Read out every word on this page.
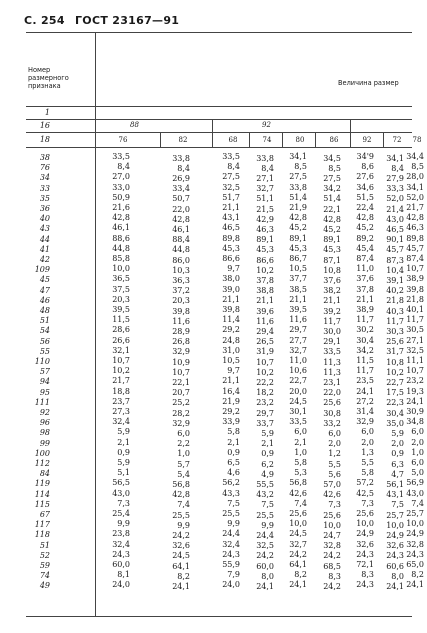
С. 254 ГОСТ 23167—91
Номер
размерного
признака	Величина размер
1
16
18
88	92
76	82	68	74	80	86	92	72	78
38	33,5	33,8	33,5	33,8	34,1	34,5	34'9	34,1 34,4
76	8,4	8,4	8,4	8,4	8,5	8,5	8,6	8,4 8,5
34	27,0	26,9	27,5	27,1	27,5	27,5	27,6	27,9 28,0
33	33,0	33,4	32,5	32,7	33,8	34,2	34,6	33,3 34,1
35	50,9	50,7	51,7	51,1	51,4	51,4	51,5	52,0 52,0
36	21,6	22,0	21,1	21,5	21,9	22,1	22,4	21,4 21,7
40	42,8	42,8	43,1	42,9	42,8	42,8	42,8	43,0 42,8
43	46,1	46,1	46,5	46,3	45,2	45,2	45,2	46,5 46,3
44	88,6	88,4	89,8	89,1	89,1	89,1	89,2	90,1 89,8
41	44,8	44,8	45,3	45,3	45,3	45,3	45,4	45,7 45,7
42	85,8	86,0	86,6	86,6	86,7	87,1	87,4	87,3 87,4
109	10,0	10,3	9,7	10,2	10,5	10,8	11,0	10,4 10,7
45	36,5	36,3	38,0	37,8	37,7	37,6	37,6	39,1 38,9
47	37,5	37,2	39,0	38,8	38,5	38,2	37,8	40,2 39,8
46	20,3	20,3	21,1	21,1	21,1	21,1	21,1	21,8 21,8
48	39,5	39,8	39,8	39,6	39,5	39,2	38,9	40,3 40,1
51	11,5	11,6	11,4	11,6	11,6	11,7	11,7	11,7 11,7
54	28,6	28,9	29,2	29,4	29,7	30,0	30,2	30,3 30,5
56	26,6	26,8	24,8	26,5	27,7	29,1	30,4	25,6 27,1
55	32,1	32,9	31,0	31,9	32,7	33,5	34,2	31,7 32,5
110	10,7	10,9	10,5	10,7	11,0	11,3	11,5	10,8 11,1
57	10,2	10,7	9,7	10,2	10,6	11,3	11,7	10,2 10,7
94	21,7	22,1	21,1	22,2	22,7	23,1	23,5	22,7 23,2
95	18,8	20,7	16,4	18,2	20,0	22,0	24,1	17,5 19,3
111	23,7	25,2	21,9	23,2	24,5	25,6	27,2	22,3 24,1
92	27,3	28,2	29,2	29,7	30,1	30,8	31,4	30,4 30,9
96	32,4	32,9	33,9	33,7	33,5	33,2	32,9	35,0 34,8
98	5,9	6,0	5,8	5,9	6,0	6,0	6,0	5,9 6,0
99	2,1	2,2	2,1	2,1	2,1	2,0	2,0	2,0 2,0
100	0,9	1,0	0,9	0,9	1,0	1,2	1,3	0,9 1,0
112	5,9	5,7	6,5	6,2	5,8	5,5	5,5	6,3 6,0
84	5,1	5,4	4,6	4,9	5,3	5,6	5,8	4,7 5,0
119	56,5	56,8	56,2	55,5	56,8	57,0	57,2	56,1 56,9
114	43,0	42,8	43,3	43,2	42,6	42,6	42,5	43,1 43,0
115	7,3	7,4	7,5	7,5	7,4	7,3	7,3	7,5 7,4
67	25,4	25,5	25,5	25,5	25,6	25,6	25,6	25,7 25,7
117	9,9	9,9	9,9	9,9	10,0	10,0	10,0	10,0 10,0
118	23,8	24,2	24,4	24,4	24,5	24,7	24,9	24,9 24,9
51	32,4	32,6	32,4	32,5	32,7	32,8	32,6	32,6 32,8
52	24,3	24,5	24,3	24,2	24,2	24,2	24,3	24,3 24,3
59	60,0	64,1	55,9	60,0	64,1	68,5	72,1	60,6 65,0
74	8,1	8,2	7,9	8,0	8,2	8,3	8,3	8,0 8,2
49	24,0	24,1	24,0	24,1	24,1	24,2	24,3	24,1 24,1
